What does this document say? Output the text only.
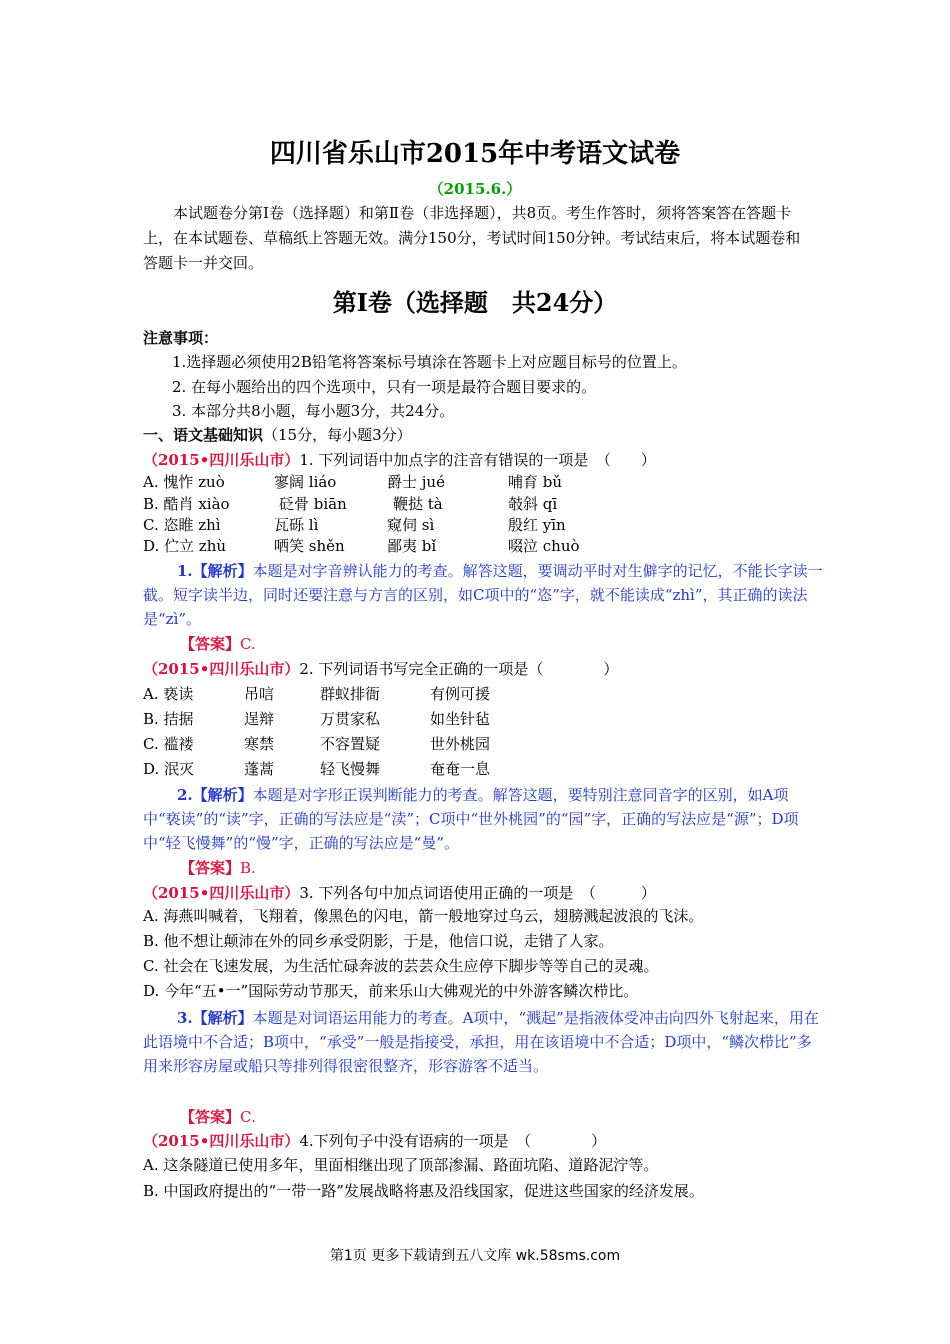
四川省乐山市2015年中考语文试卷
（2015.6.）
本试题卷分第Ⅰ卷（选择题）和第Ⅱ卷（非选择题），共8页。考生作答时，须将答案答在答题卡上，在本试题卷、草稿纸上答题无效。满分150分，考试时间150分钟。考试结束后，将本试题卷和答题卡一并交回。
第Ⅰ卷（选择题　共24分）
注意事项：
1.选择题必须使用2B铅笔将答案标号填涂在答题卡上对应题目标号的位置上。
2. 在每小题给出的四个选项中，只有一项是最符合题目要求的。
3. 本部分共8小题，每小题3分，共24分。
一、语文基础知识（15分，每小题3分）
（2015•四川乐山市）1. 下列词语中加点字的注音有错误的一项是　（　　）
A. 愧怍 zuò	寥阔 liáo	爵士 jué	哺育 bǔ
B. 酷肖 xiào	砭骨 biān	鞭挞 tà	攲斜 qī
C. 恣睢 zhì	瓦砾 lì	窥伺 sì	殷红 yīn
D. 伫立 zhù	哂笑 shěn	鄙夷 bǐ	啜泣 chuò
1.【解析】本题是对字音辨认能力的考查。解答这题，要调动平时对生僻字的记忆，不能长字读一截。短字读半边，同时还要注意与方言的区别，如C项中的“恣”字，就不能读成“zhì”，其正确的读法是“zì”。
【答案】C.
（2015•四川乐山市）2. 下列词语书写完全正确的一项是（　　　　）
A. 亵读	吊唁	群蚁排衙	有例可援
B. 拮据	逞辩	万贯家私	如坐针毡
C. 褴褛	寒禁	不容置疑	世外桃园
D. 泯灭	蓬蒿	轻飞慢舞	奄奄一息
2.【解析】本题是对字形正误判断能力的考查。解答这题，要特别注意同音字的区别，如A项中“亵读”的“读”字，正确的写法应是“渎”；C项中“世外桃园”的“园”字，正确的写法应是“源”；D项中“轻飞慢舞”的“慢”字，正确的写法应是“曼”。
【答案】B.
（2015•四川乐山市）3. 下列各句中加点词语使用正确的一项是　（　　　）
A. 海燕叫喊着，飞翔着，像黑色的闪电，箭一般地穿过乌云，翅膀溅起波浪的飞沫。
B. 他不想让颠沛在外的同乡承受阴影，于是，他信口说，走错了人家。
C. 社会在飞速发展，为生活忙碌奔波的芸芸众生应停下脚步等等自己的灵魂。
D. 今年“五•一”国际劳动节那天，前来乐山大佛观光的中外游客鳞次栉比。
3.【解析】本题是对词语运用能力的考查。A项中，“溅起”是指液体受冲击向四外飞射起来，用在此语境中不合适；B项中，“承受”一般是指接受，承担，用在该语境中不合适；D项中，“鳞次栉比”多用来形容房屋或船只等排列得很密很整齐，形容游客不适当。
【答案】C.
（2015•四川乐山市）4.下列句子中没有语病的一项是　（　　　　）
A. 这条隧道已使用多年，里面相继出现了顶部渗漏、路面坑陷、道路泥泞等。
B. 中国政府提出的“一带一路”发展战略将惠及沿线国家，促进这些国家的经济发展。
第1页 更多下载请到五八文库 wk.58sms.com
